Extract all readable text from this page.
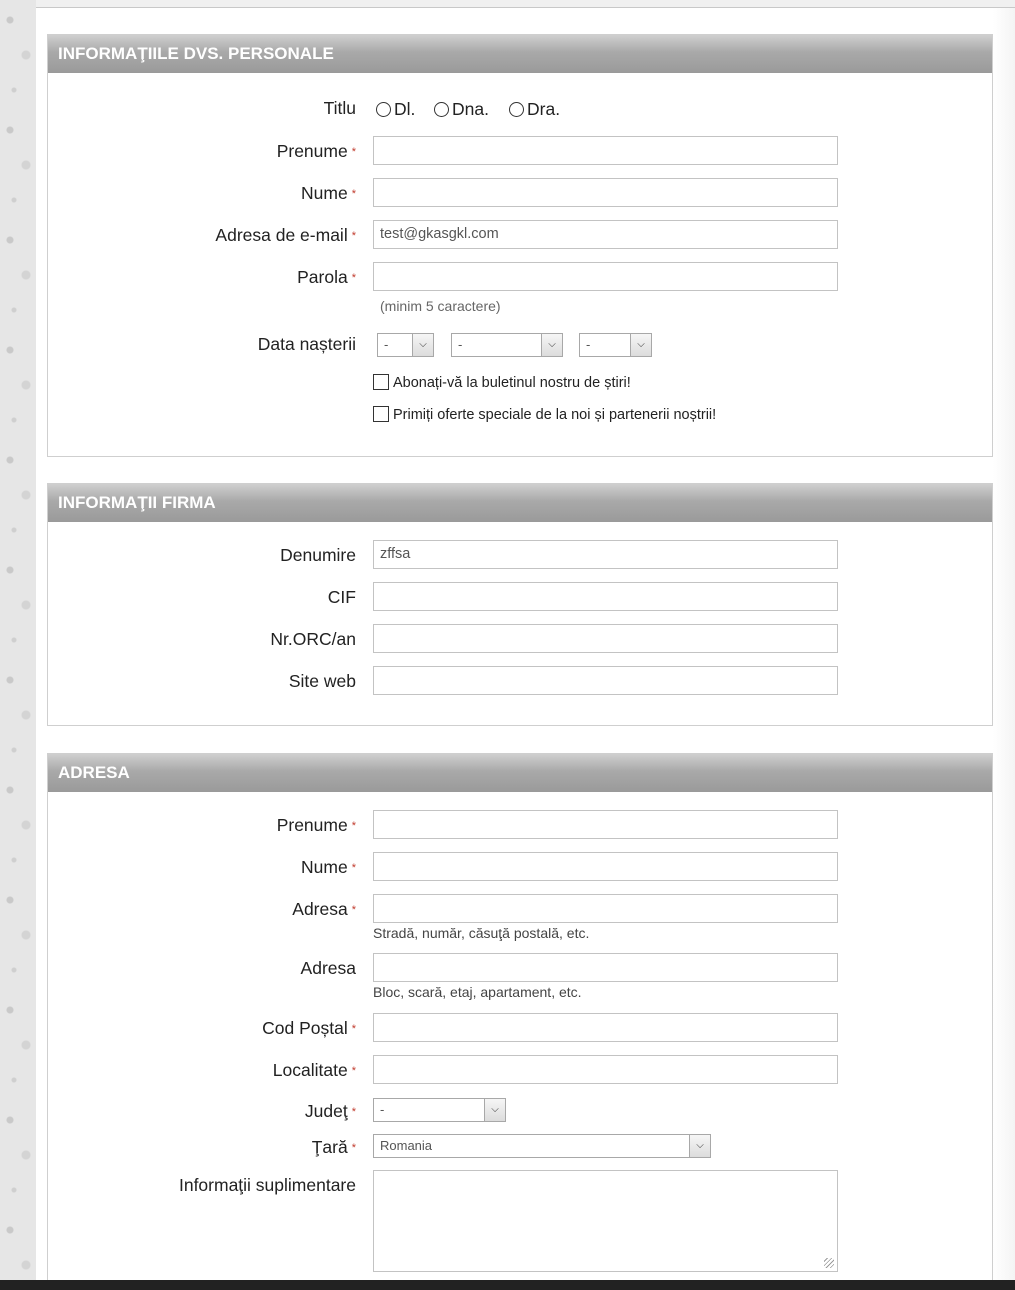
INFORMAŢIILE DVS. PERSONALE
Titlu	Dl.	Dna.	Dra.
Prenume *
Nume *
Adresa de e-mail *	test@gkasgkl.com
Parola *
(minim 5 caractere)
Data nașterii	-	⌵	-	⌵	-	⌵
Abonați-vă la buletinul nostru de știri!
Primiți oferte speciale de la noi și partenerii noștrii!
INFORMAŢII FIRMA
Denumire	zffsa
CIF
Nr.ORC/an
Site web
ADRESA
Prenume *
Nume *
Adresa *
Stradă, număr, căsuţă postală, etc.
Adresa
Bloc, scară, etaj, apartament, etc.
Cod Poștal *
Localitate *
Judeţ *	-	⌵
Ţară *	Romania	⌵
Informaţii suplimentare
